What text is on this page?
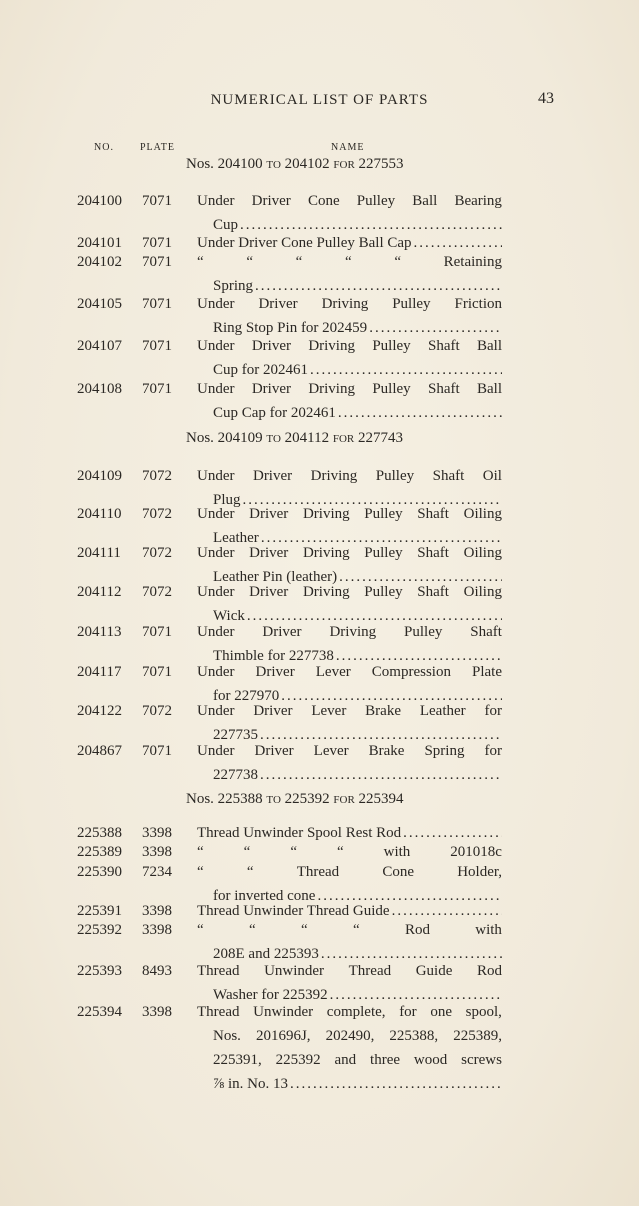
NUMERICAL LIST OF PARTS	43
NO.	PLATE	NAME
Nos. 204100 to 204102 for 227553
204100 7071 Under Driver Cone Pulley Ball Bearing
Cup
.....
204101 7071 Under Driver Cone Pulley Ball Cap
.....
204102 7071 “	“	“	“	“	Retaining
Spring
.....
204105 7071 Under Driver Driving Pulley Friction
Ring Stop Pin for 202459
.....
204107 7071 Under Driver Driving Pulley Shaft Ball
Cup for 202461
.....
204108 7071 Under Driver Driving Pulley Shaft Ball
Cup Cap for 202461
.....
Nos. 204109 to 204112 for 227743
204109 7072 Under Driver Driving Pulley Shaft Oil
Plug
.....
204110 7072 Under Driver Driving Pulley Shaft Oiling
Leather
.....
204111 7072 Under Driver Driving Pulley Shaft Oiling
Leather Pin (leather)
.....
204112 7072 Under Driver Driving Pulley Shaft Oiling
Wick
.....
204113 7071 Under Driver Driving Pulley Shaft
Thimble for 227738
.....
204117 7071 Under Driver Lever Compression Plate
for 227970
.....
204122 7072 Under Driver Lever Brake Leather for
227735
.....
204867 7071 Under Driver Lever Brake Spring for
227738
.....
Nos. 225388 to 225392 for 225394
225388 3398 Thread Unwinder Spool Rest Rod
.....
225389 3398 “	“	“	“	with	201018c
225390 7234 “	“	Thread	Cone	Holder,
for inverted cone
.....
225391 3398 Thread Unwinder Thread Guide
.....
225392 3398 “	“	“	“	Rod	with
208E and 225393
.....
225393 8493 Thread Unwinder Thread Guide Rod
Washer for 225392
.....
225394 3398 Thread Unwinder complete, for one spool,
Nos. 201696J, 202490, 225388, 225389,
225391, 225392 and three wood screws
⅞ in. No. 13
.....
